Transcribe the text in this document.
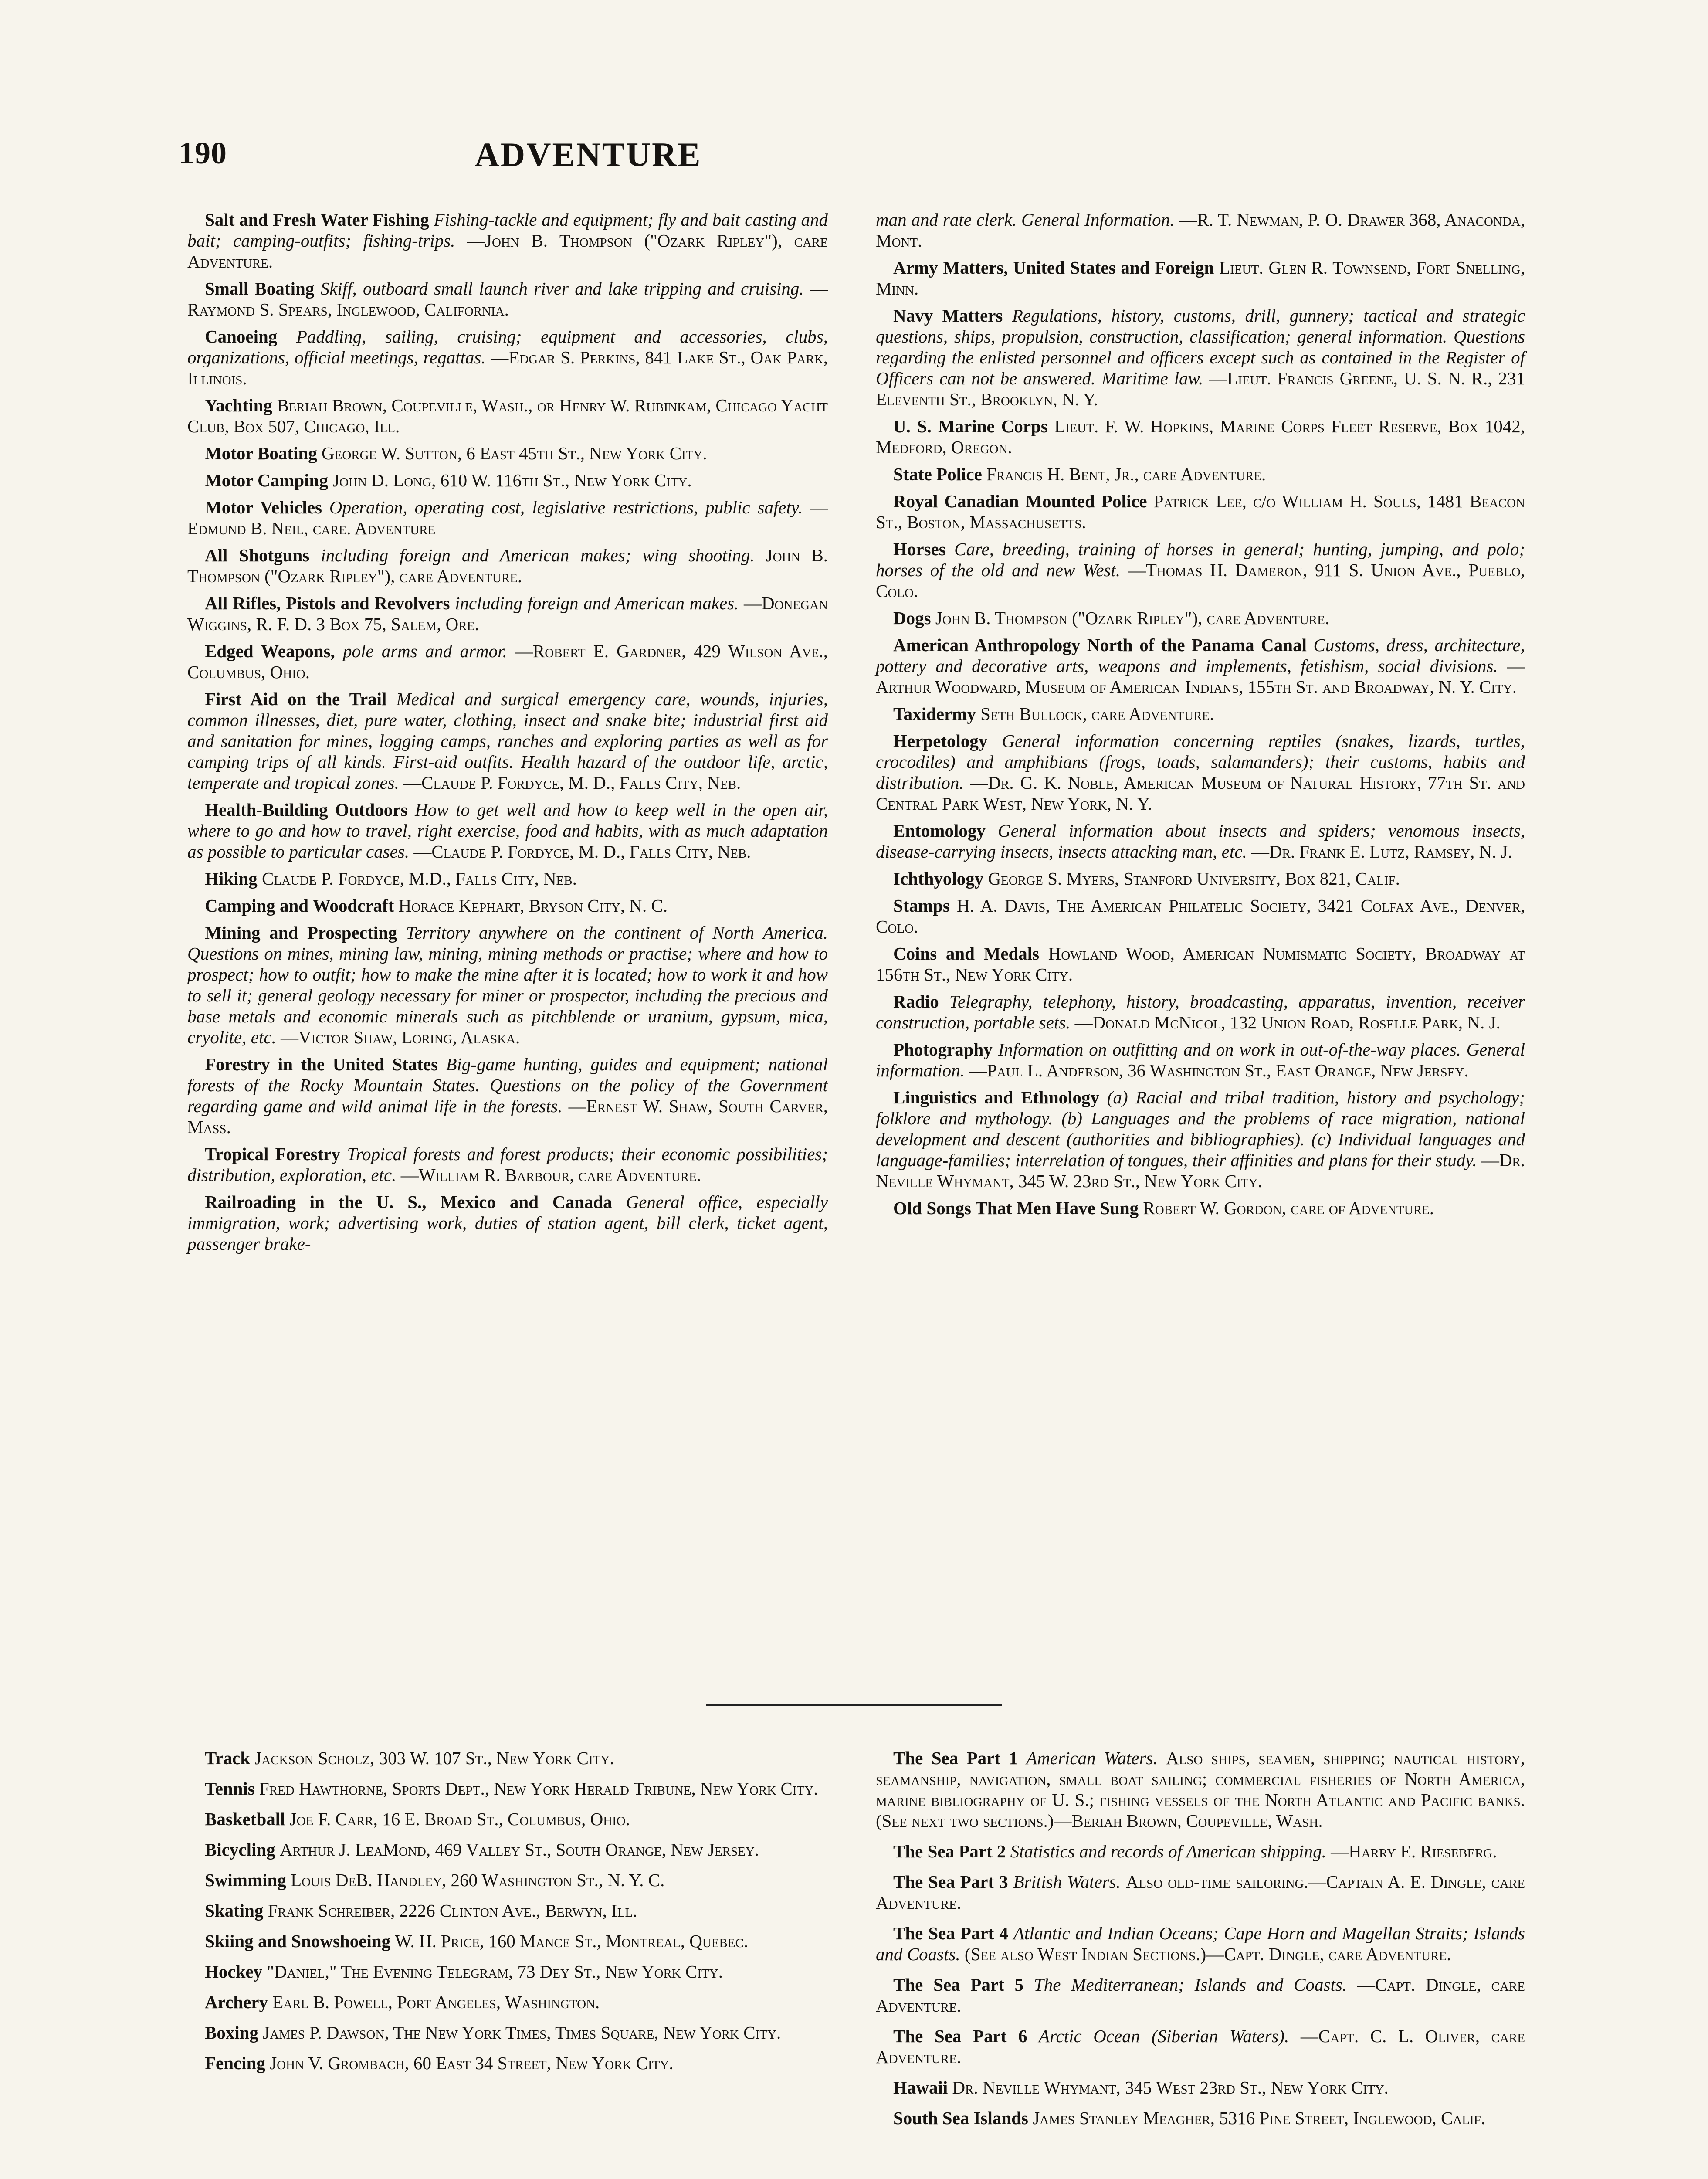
190	ADVENTURE

Salt and Fresh Water Fishing Fishing-tackle and equipment; fly and bait casting and bait; camping-outfits; fishing-trips. —John B. Thompson ("Ozark Ripley"), care Adventure.

Small Boating Skiff, outboard small launch river and lake tripping and cruising. —Raymond S. Spears, Inglewood, California.

Canoeing Paddling, sailing, cruising; equipment and accessories, clubs, organizations, official meetings, regattas. —Edgar S. Perkins, 841 Lake St., Oak Park, Illinois.

Yachting Beriah Brown, Coupeville, Wash., or Henry W. Rubinkam, Chicago Yacht Club, Box 507, Chicago, Ill.

Motor Boating George W. Sutton, 6 East 45th St., New York City.

Motor Camping John D. Long, 610 W. 116th St., New York City.

Motor Vehicles Operation, operating cost, legislative restrictions, public safety. —Edmund B. Neil, care. Adventure

All Shotguns including foreign and American makes; wing shooting. John B. Thompson ("Ozark Ripley"), care Adventure.

All Rifles, Pistols and Revolvers including foreign and American makes. —Donegan Wiggins, R. F. D. 3 Box 75, Salem, Ore.

Edged Weapons, pole arms and armor. —Robert E. Gardner, 429 Wilson Ave., Columbus, Ohio.

First Aid on the Trail Medical and surgical emergency care, wounds, injuries, common illnesses, diet, pure water, clothing, insect and snake bite; industrial first aid and sanitation for mines, logging camps, ranches and exploring parties as well as for camping trips of all kinds. First-aid outfits. Health hazard of the outdoor life, arctic, temperate and tropical zones. —Claude P. Fordyce, M. D., Falls City, Neb.

Health-Building Outdoors How to get well and how to keep well in the open air, where to go and how to travel, right exercise, food and habits, with as much adaptation as possible to particular cases. —Claude P. Fordyce, M. D., Falls City, Neb.

Hiking Claude P. Fordyce, M.D., Falls City, Neb.

Camping and Woodcraft Horace Kephart, Bryson City, N. C.

Mining and Prospecting Territory anywhere on the continent of North America. Questions on mines, mining law, mining, mining methods or practise; where and how to prospect; how to outfit; how to make the mine after it is located; how to work it and how to sell it; general geology necessary for miner or prospector, including the precious and base metals and economic minerals such as pitchblende or uranium, gypsum, mica, cryolite, etc. —Victor Shaw, Loring, Alaska.

Forestry in the United States Big-game hunting, guides and equipment; national forests of the Rocky Mountain States. Questions on the policy of the Government regarding game and wild animal life in the forests. —Ernest W. Shaw, South Carver, Mass.

Tropical Forestry Tropical forests and forest products; their economic possibilities; distribution, exploration, etc. —William R. Barbour, care Adventure.

Railroading in the U. S., Mexico and Canada General office, especially immigration, work; advertising work, duties of station agent, bill clerk, ticket agent, passenger brake-

man and rate clerk. General Information. —R. T. Newman, P. O. Drawer 368, Anaconda, Mont.

Army Matters, United States and Foreign Lieut. Glen R. Townsend, Fort Snelling, Minn.

Navy Matters Regulations, history, customs, drill, gunnery; tactical and strategic questions, ships, propulsion, construction, classification; general information. Questions regarding the enlisted personnel and officers except such as contained in the Register of Officers can not be answered. Maritime law. —Lieut. Francis Greene, U. S. N. R., 231 Eleventh St., Brooklyn, N. Y.

U. S. Marine Corps Lieut. F. W. Hopkins, Marine Corps Fleet Reserve, Box 1042, Medford, Oregon.

State Police Francis H. Bent, Jr., care Adventure.

Royal Canadian Mounted Police Patrick Lee, c/o William H. Souls, 1481 Beacon St., Boston, Massachusetts.

Horses Care, breeding, training of horses in general; hunting, jumping, and polo; horses of the old and new West. —Thomas H. Dameron, 911 S. Union Ave., Pueblo, Colo.

Dogs John B. Thompson ("Ozark Ripley"), care Adventure.

American Anthropology North of the Panama Canal Customs, dress, architecture, pottery and decorative arts, weapons and implements, fetishism, social divisions. —Arthur Woodward, Museum of American Indians, 155th St. and Broadway, N. Y. City.

Taxidermy Seth Bullock, care Adventure.

Herpetology General information concerning reptiles (snakes, lizards, turtles, crocodiles) and amphibians (frogs, toads, salamanders); their customs, habits and distribution. —Dr. G. K. Noble, American Museum of Natural History, 77th St. and Central Park West, New York, N. Y.

Entomology General information about insects and spiders; venomous insects, disease-carrying insects, insects attacking man, etc. —Dr. Frank E. Lutz, Ramsey, N. J.

Ichthyology George S. Myers, Stanford University, Box 821, Calif.

Stamps H. A. Davis, The American Philatelic Society, 3421 Colfax Ave., Denver, Colo.

Coins and Medals Howland Wood, American Numismatic Society, Broadway at 156th St., New York City.

Radio Telegraphy, telephony, history, broadcasting, apparatus, invention, receiver construction, portable sets. —Donald McNicol, 132 Union Road, Roselle Park, N. J.

Photography Information on outfitting and on work in out-of-the-way places. General information. —Paul L. Anderson, 36 Washington St., East Orange, New Jersey.

Linguistics and Ethnology (a) Racial and tribal tradition, history and psychology; folklore and mythology. (b) Languages and the problems of race migration, national development and descent (authorities and bibliographies). (c) Individual languages and language-families; interrelation of tongues, their affinities and plans for their study. —Dr. Neville Whymant, 345 W. 23rd St., New York City.

Old Songs That Men Have Sung Robert W. Gordon, care of Adventure.

Track Jackson Scholz, 303 W. 107 St., New York City.

Tennis Fred Hawthorne, Sports Dept., New York Herald Tribune, New York City.

Basketball Joe F. Carr, 16 E. Broad St., Columbus, Ohio.

Bicycling Arthur J. LeaMond, 469 Valley St., South Orange, New Jersey.

Swimming Louis DeB. Handley, 260 Washington St., N. Y. C.

Skating Frank Schreiber, 2226 Clinton Ave., Berwyn, Ill.

Skiing and Snowshoeing W. H. Price, 160 Mance St., Montreal, Quebec.

Hockey "Daniel," The Evening Telegram, 73 Dey St., New York City.

Archery Earl B. Powell, Port Angeles, Washington.

Boxing James P. Dawson, The New York Times, Times Square, New York City.

Fencing John V. Grombach, 60 East 34 Street, New York City.

The Sea Part 1 American Waters. Also ships, seamen, shipping; nautical history, seamanship, navigation, small boat sailing; commercial fisheries of North America, marine bibliography of U. S.; fishing vessels of the North Atlantic and Pacific banks. (See next two sections.)—Beriah Brown, Coupeville, Wash.

The Sea Part 2 Statistics and records of American shipping. —Harry E. Rieseberg.

The Sea Part 3 British Waters. Also old-time sailoring.—Captain A. E. Dingle, care Adventure.

The Sea Part 4 Atlantic and Indian Oceans; Cape Horn and Magellan Straits; Islands and Coasts. (See also West Indian Sections.)—Capt. Dingle, care Adventure.

The Sea Part 5 The Mediterranean; Islands and Coasts. —Capt. Dingle, care Adventure.

The Sea Part 6 Arctic Ocean (Siberian Waters). —Capt. C. L. Oliver, care Adventure.

Hawaii Dr. Neville Whymant, 345 West 23rd St., New York City.

South Sea Islands James Stanley Meagher, 5316 Pine Street, Inglewood, Calif.
